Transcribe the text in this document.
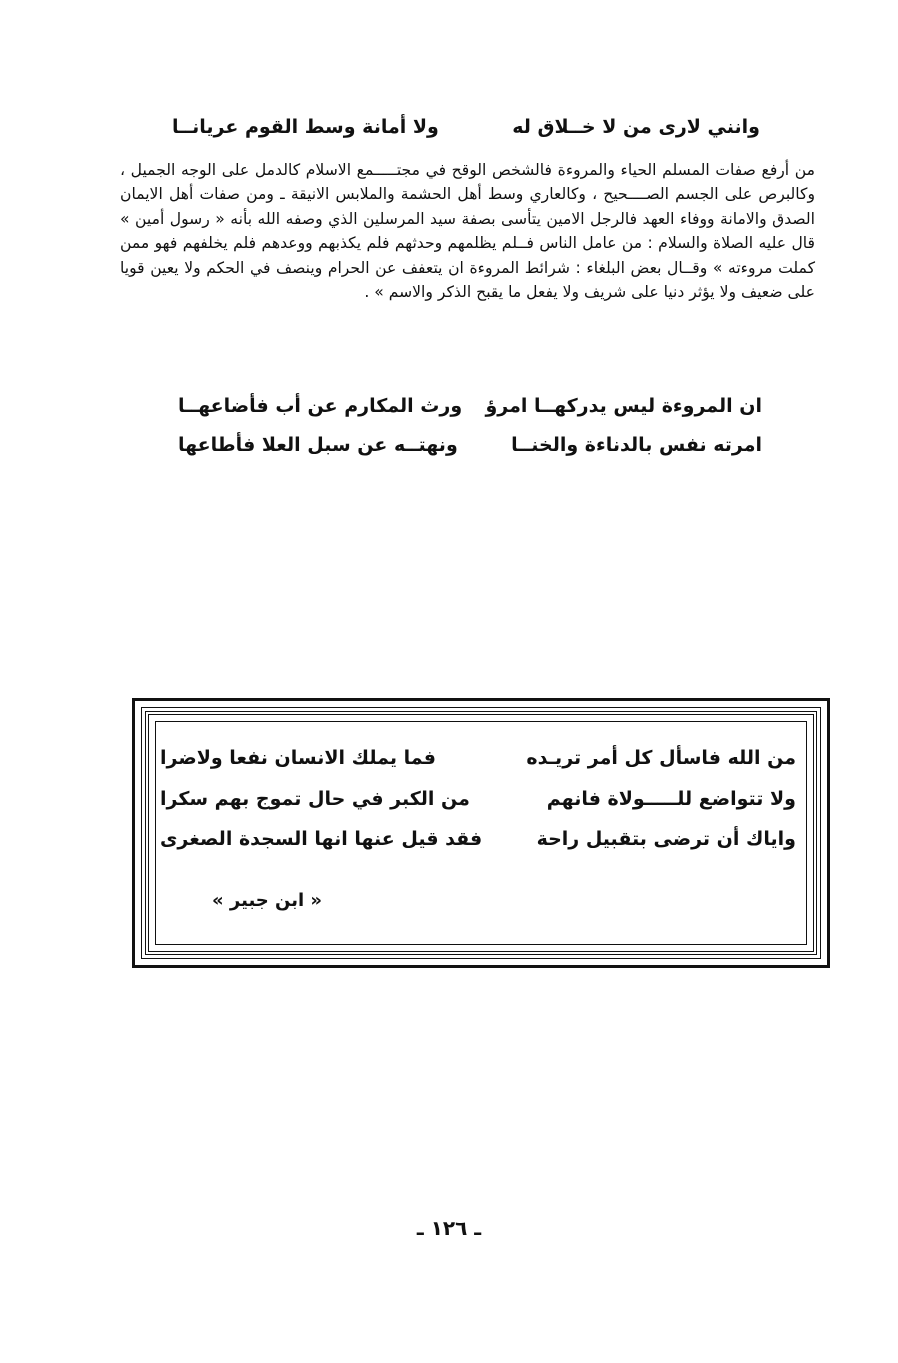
وانني لارى من لا خــلاق له
ولا أمانة وسط القوم عريانــا
من أرفع صفات المسلم الحياء والمروءة فالشخص الوقح في مجتـــــمع الاسلام كالدمل على الوجه الجميل ، وكالبرص على الجسم الصــــحيح ، وكالعاري وسط أهل الحشمة والملابس الانيقة ـ ومن صفات أهل الايمان الصدق والامانة ووفاء العهد فالرجل الامين يتأسى بصفة سيد المرسلين الذي وصفه الله بأنه « رسول أمين » قال عليه الصلاة والسلام : من عامل الناس فــلم يظلمهم وحدثهم فلم يكذبهم ووعدهم فلم يخلفهم فهو ممن كملت مروءته » وقــال بعض البلغاء : شرائط المروءة ان يتعفف عن الحرام وينصف في الحكم ولا يعين قويا على ضعيف ولا يؤثر دنيا على شريف ولا يفعل ما يقبح الذكر والاسم » .
ان المروءة ليس يدركهــا امرؤ
ورث المكارم عن أب فأضاعهــا
امرته نفس بالدناءة والخنــا
ونهتــه عن سبل العلا فأطاعها
من الله فاسأل كل أمر تريـده
فما يملك الانسان نفعا ولاضرا
ولا تتواضع للـــــولاة فانهم
من الكبر في حال تموج بهم سكرا
واياك أن ترضى بتقبيل راحة
فقد قيل عنها انها السجدة الصغرى
« ابن جبير »
ـ ١٢٦ ـ
